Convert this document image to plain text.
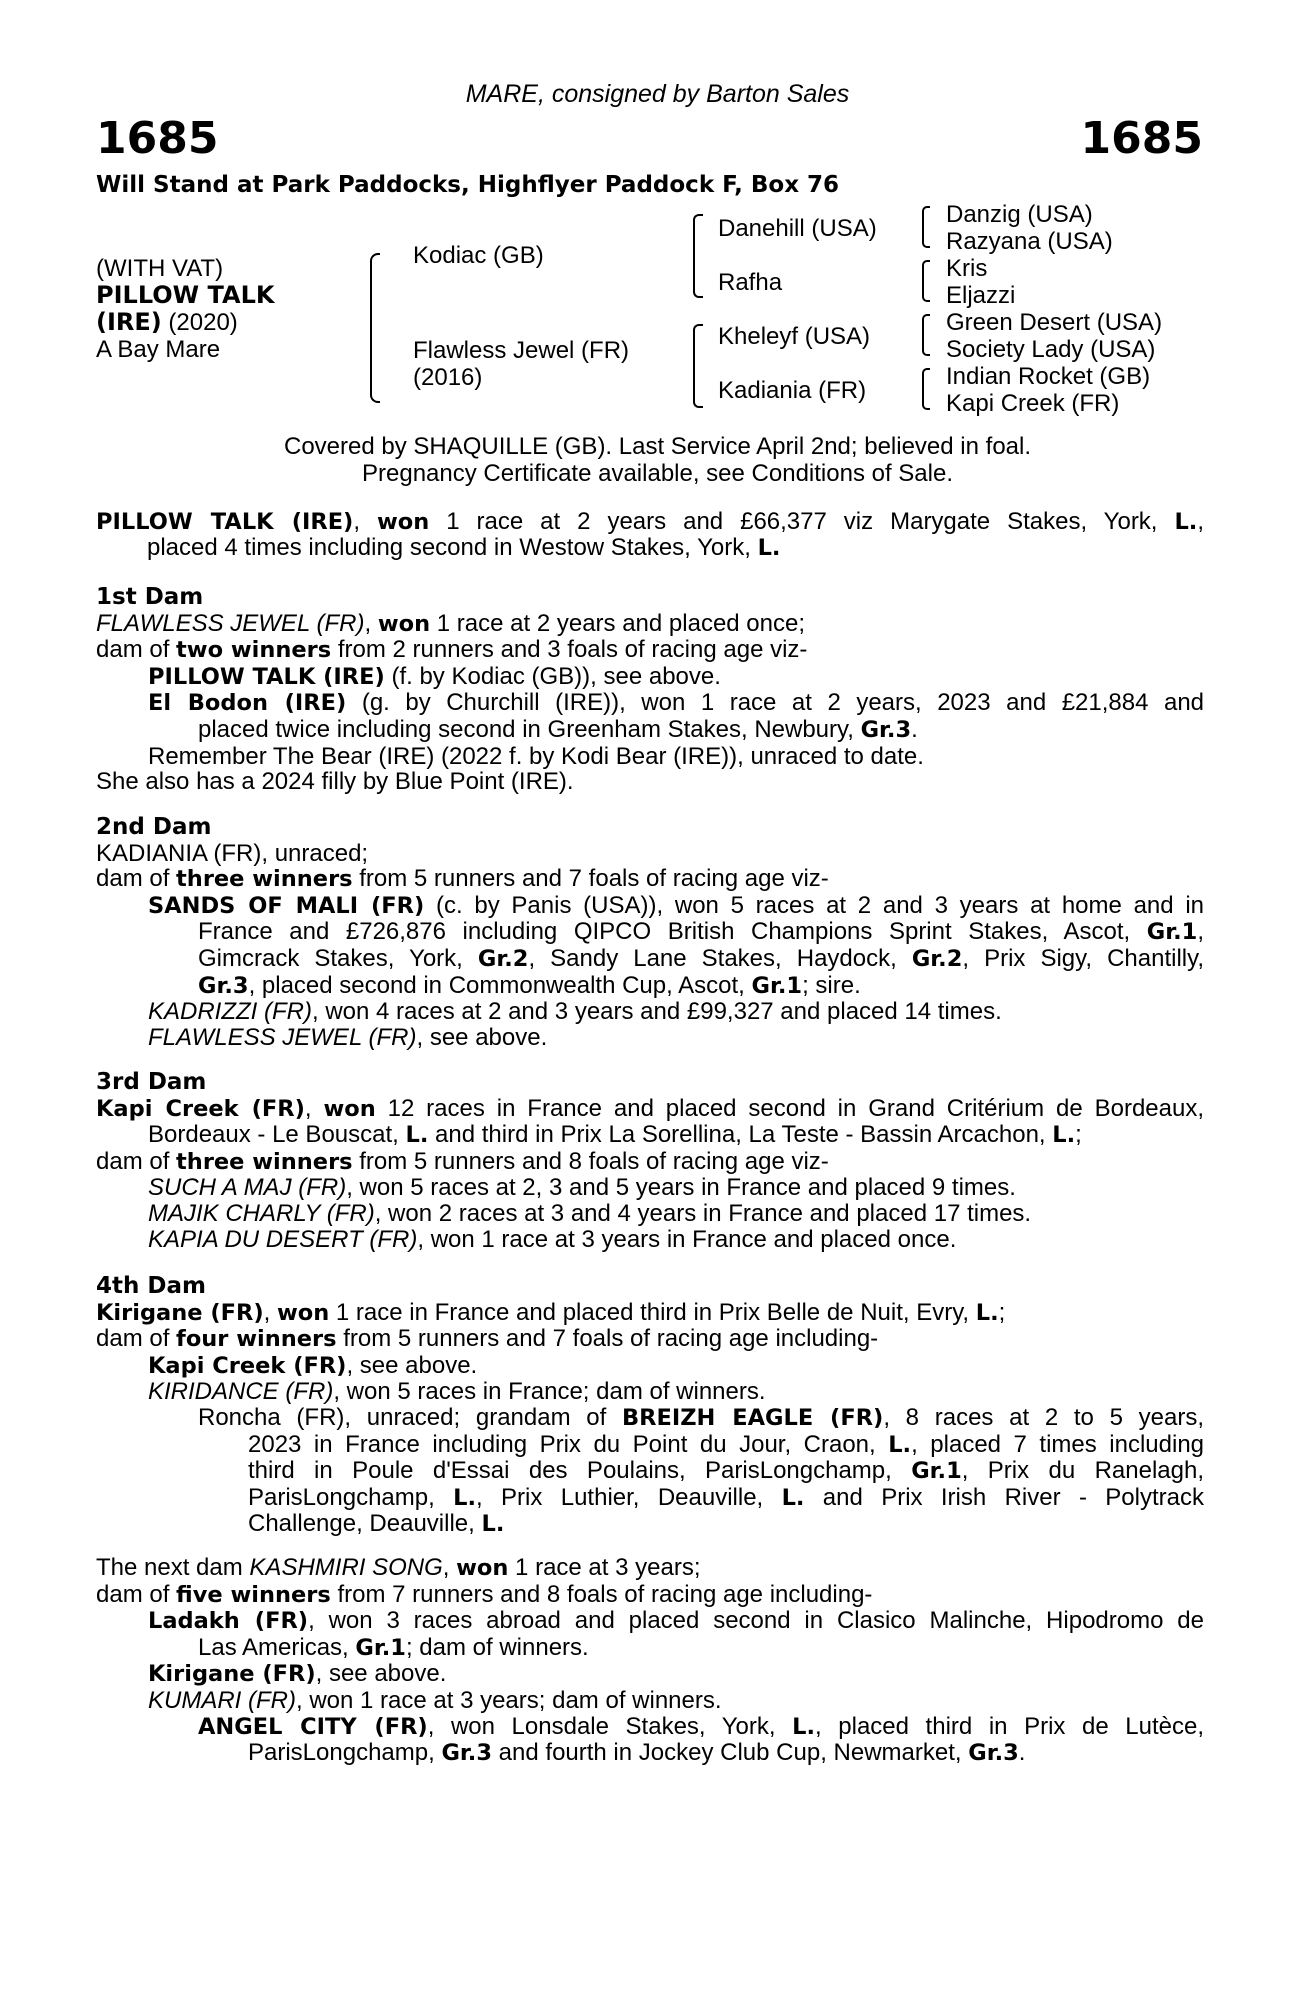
MARE, consigned by Barton Sales
1685	1685
Will Stand at Park Paddocks, Highflyer Paddock F, Box 76
(WITH VAT)
PILLOW TALK
(IRE) (2020)
A Bay Mare
Kodiac (GB)
Flawless Jewel (FR)
(2016)
Danehill (USA)
Rafha
Kheleyf (USA)
Kadiania (FR)
Danzig (USA)
Razyana (USA)
Kris
Eljazzi
Green Desert (USA)
Society Lady (USA)
Indian Rocket (GB)
Kapi Creek (FR)
Covered by SHAQUILLE (GB). Last Service April 2nd; believed in foal.
Pregnancy Certificate available, see Conditions of Sale.
PILLOW TALK (IRE), won 1 race at 2 years and £66,377 viz Marygate Stakes, York, L.,
placed 4 times including second in Westow Stakes, York, L.
1st Dam
FLAWLESS JEWEL (FR), won 1 race at 2 years and placed once;
dam of two winners from 2 runners and 3 foals of racing age viz-
PILLOW TALK (IRE) (f. by Kodiac (GB)), see above.
El Bodon (IRE) (g. by Churchill (IRE)), won 1 race at 2 years, 2023 and £21,884 and
placed twice including second in Greenham Stakes, Newbury, Gr.3.
Remember The Bear (IRE) (2022 f. by Kodi Bear (IRE)), unraced to date.
She also has a 2024 filly by Blue Point (IRE).
2nd Dam
KADIANIA (FR), unraced;
dam of three winners from 5 runners and 7 foals of racing age viz-
SANDS OF MALI (FR) (c. by Panis (USA)), won 5 races at 2 and 3 years at home and in
France and £726,876 including QIPCO British Champions Sprint Stakes, Ascot, Gr.1,
Gimcrack Stakes, York, Gr.2, Sandy Lane Stakes, Haydock, Gr.2, Prix Sigy, Chantilly,
Gr.3, placed second in Commonwealth Cup, Ascot, Gr.1; sire.
KADRIZZI (FR), won 4 races at 2 and 3 years and £99,327 and placed 14 times.
FLAWLESS JEWEL (FR), see above.
3rd Dam
Kapi Creek (FR), won 12 races in France and placed second in Grand Critérium de Bordeaux,
Bordeaux - Le Bouscat, L. and third in Prix La Sorellina, La Teste - Bassin Arcachon, L.;
dam of three winners from 5 runners and 8 foals of racing age viz-
SUCH A MAJ (FR), won 5 races at 2, 3 and 5 years in France and placed 9 times.
MAJIK CHARLY (FR), won 2 races at 3 and 4 years in France and placed 17 times.
KAPIA DU DESERT (FR), won 1 race at 3 years in France and placed once.
4th Dam
Kirigane (FR), won 1 race in France and placed third in Prix Belle de Nuit, Evry, L.;
dam of four winners from 5 runners and 7 foals of racing age including-
Kapi Creek (FR), see above.
KIRIDANCE (FR), won 5 races in France; dam of winners.
Roncha (FR), unraced; grandam of BREIZH EAGLE (FR), 8 races at 2 to 5 years,
2023 in France including Prix du Point du Jour, Craon, L., placed 7 times including
third in Poule d'Essai des Poulains, ParisLongchamp, Gr.1, Prix du Ranelagh,
ParisLongchamp, L., Prix Luthier, Deauville, L. and Prix Irish River - Polytrack
Challenge, Deauville, L.
The next dam KASHMIRI SONG, won 1 race at 3 years;
dam of five winners from 7 runners and 8 foals of racing age including-
Ladakh (FR), won 3 races abroad and placed second in Clasico Malinche, Hipodromo de
Las Americas, Gr.1; dam of winners.
Kirigane (FR), see above.
KUMARI (FR), won 1 race at 3 years; dam of winners.
ANGEL CITY (FR), won Lonsdale Stakes, York, L., placed third in Prix de Lutèce,
ParisLongchamp, Gr.3 and fourth in Jockey Club Cup, Newmarket, Gr.3.
